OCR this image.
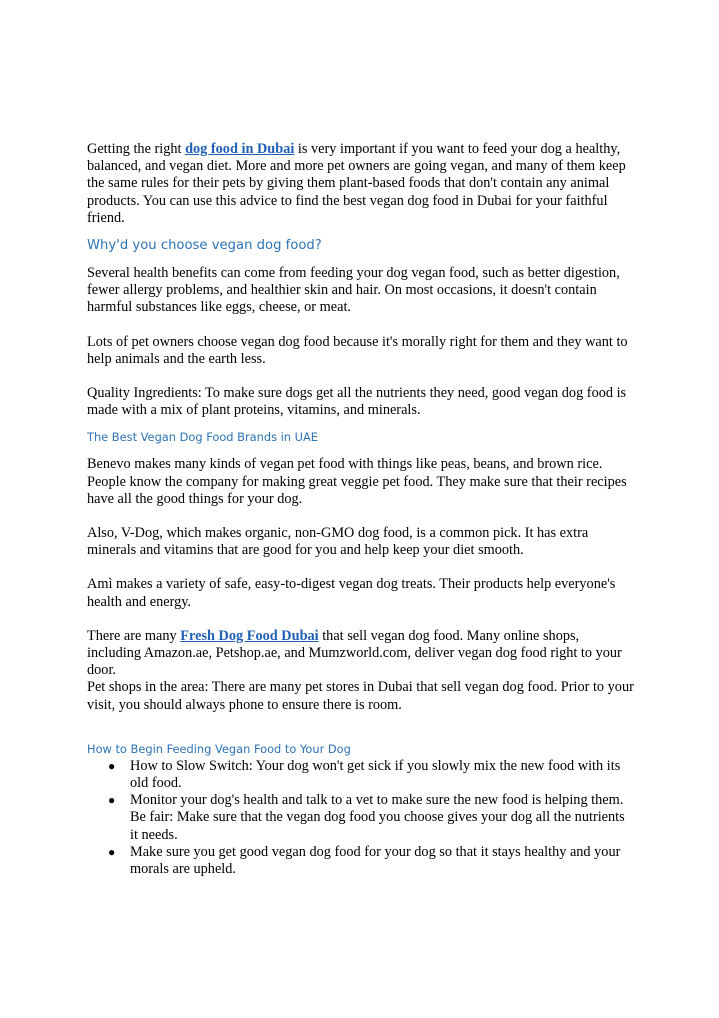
Getting the right dog food in Dubai is very important if you want to feed your dog a healthy, balanced, and vegan diet. More and more pet owners are going vegan, and many of them keep the same rules for their pets by giving them plant-based foods that don't contain any animal products. You can use this advice to find the best vegan dog food in Dubai for your faithful friend.

Why'd you choose vegan dog food?

Several health benefits can come from feeding your dog vegan food, such as better digestion, fewer allergy problems, and healthier skin and hair. On most occasions, it doesn't contain harmful substances like eggs, cheese, or meat.

Lots of pet owners choose vegan dog food because it's morally right for them and they want to help animals and the earth less.

Quality Ingredients: To make sure dogs get all the nutrients they need, good vegan dog food is made with a mix of plant proteins, vitamins, and minerals.

The Best Vegan Dog Food Brands in UAE

Benevo makes many kinds of vegan pet food with things like peas, beans, and brown rice. People know the company for making great veggie pet food. They make sure that their recipes have all the good things for your dog.

Also, V-Dog, which makes organic, non-GMO dog food, is a common pick. It has extra minerals and vitamins that are good for you and help keep your diet smooth.

Amì makes a variety of safe, easy-to-digest vegan dog treats. Their products help everyone's health and energy.

There are many Fresh Dog Food Dubai that sell vegan dog food. Many online shops, including Amazon.ae, Petshop.ae, and Mumzworld.com, deliver vegan dog food right to your door.

Pet shops in the area: There are many pet stores in Dubai that sell vegan dog food. Prior to your visit, you should always phone to ensure there is room.

How to Begin Feeding Vegan Food to Your Dog
● How to Slow Switch: Your dog won't get sick if you slowly mix the new food with its old food.
● Monitor your dog's health and talk to a vet to make sure the new food is helping them. Be fair: Make sure that the vegan dog food you choose gives your dog all the nutrients it needs.
● Make sure you get good vegan dog food for your dog so that it stays healthy and your morals are upheld.
